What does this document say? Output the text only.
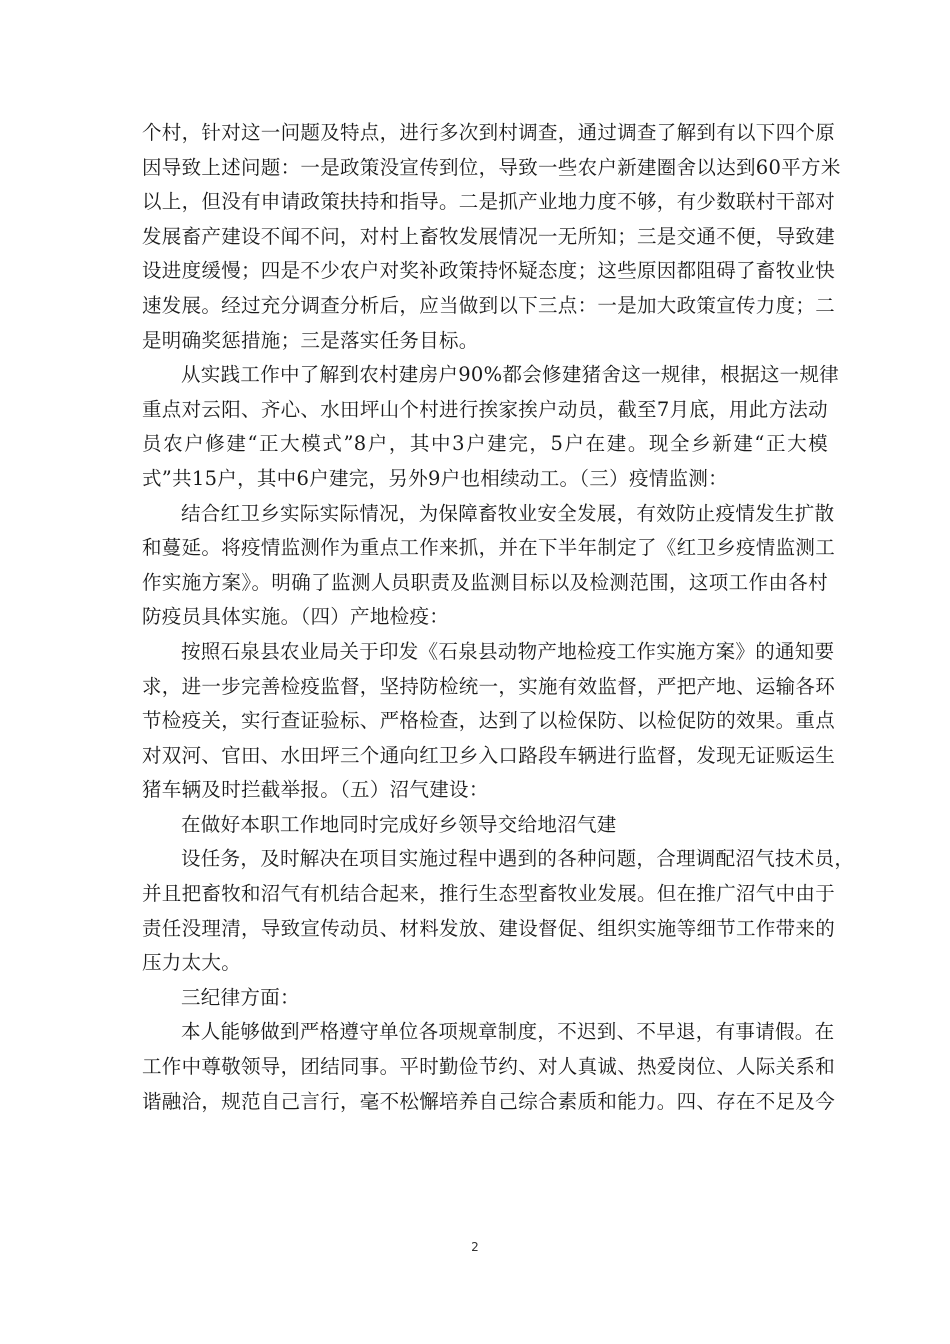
个村，针对这一问题及特点，进行多次到村调查，通过调查了解到有以下四个原
因导致上述问题：一是政策没宣传到位，导致一些农户新建圈舍以达到60平方米
以上，但没有申请政策扶持和指导。二是抓产业地力度不够，有少数联村干部对
发展畜产建设不闻不问，对村上畜牧发展情况一无所知；三是交通不便，导致建
设进度缓慢；四是不少农户对奖补政策持怀疑态度；这些原因都阻碍了畜牧业快
速发展。经过充分调查分析后，应当做到以下三点：一是加大政策宣传力度；二
是明确奖惩措施；三是落实任务目标。
从实践工作中了解到农村建房户90%都会修建猪舍这一规律，根据这一规律
重点对云阳、齐心、水田坪山个村进行挨家挨户动员，截至7月底，用此方法动
员农户修建“正大模式”8户，其中3户建完，5户在建。现全乡新建“正大模
式”共15户，其中6户建完，另外9户也相续动工。（三）疫情监测：
结合红卫乡实际实际情况，为保障畜牧业安全发展，有效防止疫情发生扩散
和蔓延。将疫情监测作为重点工作来抓，并在下半年制定了《红卫乡疫情监测工
作实施方案》。明确了监测人员职责及监测目标以及检测范围，这项工作由各村
防疫员具体实施。（四）产地检疫：
按照石泉县农业局关于印发《石泉县动物产地检疫工作实施方案》的通知要
求，进一步完善检疫监督，坚持防检统一，实施有效监督，严把产地、运输各环
节检疫关，实行查证验标、严格检查，达到了以检保防、以检促防的效果。重点
对双河、官田、水田坪三个通向红卫乡入口路段车辆进行监督，发现无证贩运生
猪车辆及时拦截举报。（五）沼气建设：
在做好本职工作地同时完成好乡领导交给地沼气建
设任务，及时解决在项目实施过程中遇到的各种问题，合理调配沼气技术员，
并且把畜牧和沼气有机结合起来，推行生态型畜牧业发展。但在推广沼气中由于
责任没理清，导致宣传动员、材料发放、建设督促、组织实施等细节工作带来的
压力太大。
三纪律方面：
本人能够做到严格遵守单位各项规章制度，不迟到、不早退，有事请假。在
工作中尊敬领导，团结同事。平时勤俭节约、对人真诚、热爱岗位、人际关系和
谐融洽，规范自己言行，毫不松懈培养自己综合素质和能力。四、存在不足及今
2
